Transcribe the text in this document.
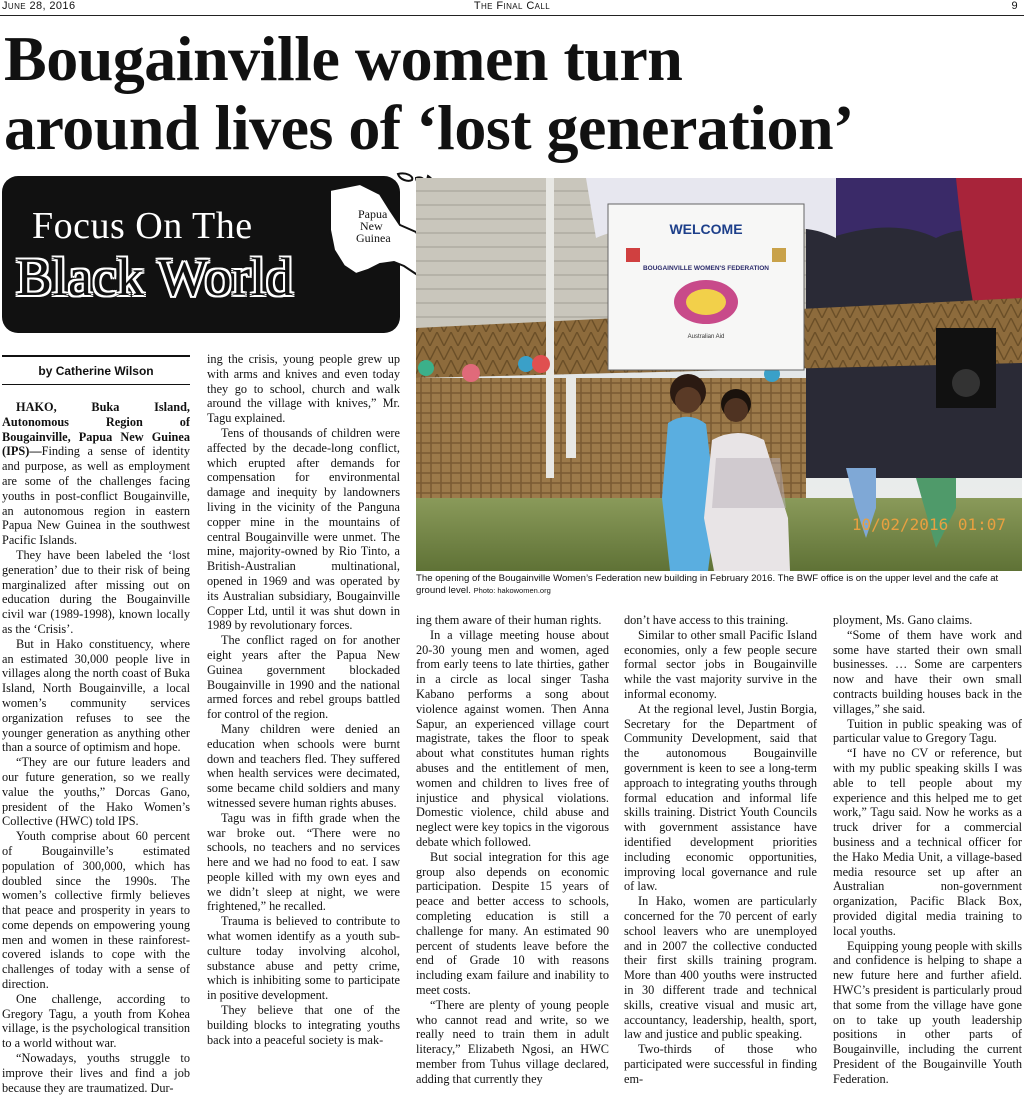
June 28, 2016	The Final Call	9
Bougainville women turn
around lives of ‘lost generation’
Focus On The
Black World
Papua
New
Guinea
WELCOME
BOUGAINVILLE WOMEN'S FEDERATION
Australian Aid
10/02/2016 01:07
The opening of the Bougainville Women’s Federation new building in February 2016. The BWF office is on the upper level and the cafe at ground level. Photo: hakowomen.org
by Catherine Wilson

HAKO, Buka Island, Autonomous Region of Bougainville, Papua New Guinea (IPS)—Finding a sense of identity and purpose, as well as employment are some of the challenges facing youths in post-conflict Bougainville, an autonomous region in eastern Papua New Guinea in the southwest Pacific Islands.

They have been labeled the ‘lost generation’ due to their risk of being marginalized after missing out on education during the Bougainville civil war (1989-1998), known locally as the ‘Crisis’.

But in Hako constituency, where an estimated 30,000 people live in villages along the north coast of Buka Island, North Bougainville, a local women’s community services organization refuses to see the younger generation as anything other than a source of optimism and hope.

“They are our future leaders and our future generation, so we really value the youths,” Dorcas Gano, president of the Hako Women’s Collective (HWC) told IPS.

Youth comprise about 60 percent of Bougainville’s estimated population of 300,000, which has doubled since the 1990s. The women’s collective firmly believes that peace and prosperity in years to come depends on empowering young men and women in these rainforest-covered islands to cope with the challenges of today with a sense of direction.

One challenge, according to Gregory Tagu, a youth from Kohea village, is the psychological transition to a world without war.

“Nowadays, youths struggle to improve their lives and find a job because they are traumatized. Dur-

ing the crisis, young people grew up with arms and knives and even today they go to school, church and walk around the village with knives,” Mr. Tagu explained.

Tens of thousands of children were affected by the decade-long conflict, which erupted after demands for compensation for environmental damage and inequity by landowners living in the vicinity of the Panguna copper mine in the mountains of central Bougainville were unmet. The mine, majority-owned by Rio Tinto, a British-Australian multinational, opened in 1969 and was operated by its Australian subsidiary, Bougainville Copper Ltd, until it was shut down in 1989 by revolutionary forces.

The conflict raged on for another eight years after the Papua New Guinea government blockaded Bougainville in 1990 and the national armed forces and rebel groups battled for control of the region.

Many children were denied an education when schools were burnt down and teachers fled. They suffered when health services were decimated, some became child soldiers and many witnessed severe human rights abuses.

Tagu was in fifth grade when the war broke out. “There were no schools, no teachers and no services here and we had no food to eat. I saw people killed with my own eyes and we didn’t sleep at night, we were frightened,” he recalled.

Trauma is believed to contribute to what women identify as a youth sub-culture today involving alcohol, substance abuse and petty crime, which is inhibiting some to participate in positive development.

They believe that one of the building blocks to integrating youths back into a peaceful society is mak-

ing them aware of their human rights.

In a village meeting house about 20-30 young men and women, aged from early teens to late thirties, gather in a circle as local singer Tasha Kabano performs a song about violence against women. Then Anna Sapur, an experienced village court magistrate, takes the floor to speak about what constitutes human rights abuses and the entitlement of men, women and children to lives free of injustice and physical violations. Domestic violence, child abuse and neglect were key topics in the vigorous debate which followed.

But social integration for this age group also depends on economic participation. Despite 15 years of peace and better access to schools, completing education is still a challenge for many. An estimated 90 percent of students leave before the end of Grade 10 with reasons including exam failure and inability to meet costs.

“There are plenty of young people who cannot read and write, so we really need to train them in adult literacy,” Elizabeth Ngosi, an HWC member from Tuhus village declared, adding that currently they

don’t have access to this training.

Similar to other small Pacific Island economies, only a few people secure formal sector jobs in Bougainville while the vast majority survive in the informal economy.

At the regional level, Justin Borgia, Secretary for the Department of Community Development, said that the autonomous Bougainville government is keen to see a long-term approach to integrating youths through formal education and informal life skills training. District Youth Councils with government assistance have identified development priorities including economic opportunities, improving local governance and rule of law.

In Hako, women are particularly concerned for the 70 percent of early school leavers who are unemployed and in 2007 the collective conducted their first skills training program. More than 400 youths were instructed in 30 different trade and technical skills, creative visual and music art, accountancy, leadership, health, sport, law and justice and public speaking.

Two-thirds of those who participated were successful in finding em-

ployment, Ms. Gano claims.

“Some of them have work and some have started their own small businesses. … Some are carpenters now and have their own small contracts building houses back in the villages,” she said.

Tuition in public speaking was of particular value to Gregory Tagu.

“I have no CV or reference, but with my public speaking skills I was able to tell people about my experience and this helped me to get work,” Tagu said. Now he works as a truck driver for a commercial business and a technical officer for the Hako Media Unit, a village-based media resource set up after an Australian non-government organization, Pacific Black Box, provided digital media training to local youths.

Equipping young people with skills and confidence is helping to shape a new future here and further afield. HWC’s president is particularly proud that some from the village have gone on to take up youth leadership positions in other parts of Bougainville, including the current President of the Bougainville Youth Federation.
